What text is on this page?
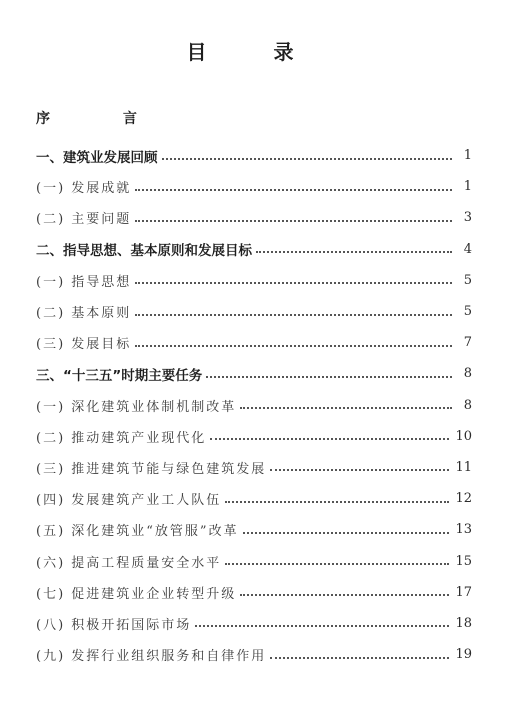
目 录
序 言
一、建筑业发展回顾	1
(一) 发展成就	1
(二) 主要问题	3
二、指导思想、基本原则和发展目标	4
(一) 指导思想	5
(二) 基本原则	5
(三) 发展目标	7
三、“十三五”时期主要任务	8
(一) 深化建筑业体制机制改革	8
(二) 推动建筑产业现代化	10
(三) 推进建筑节能与绿色建筑发展	11
(四) 发展建筑产业工人队伍	12
(五) 深化建筑业“放管服”改革	13
(六) 提高工程质量安全水平	15
(七) 促进建筑业企业转型升级	17
(八) 积极开拓国际市场	18
(九) 发挥行业组织服务和自律作用	19
